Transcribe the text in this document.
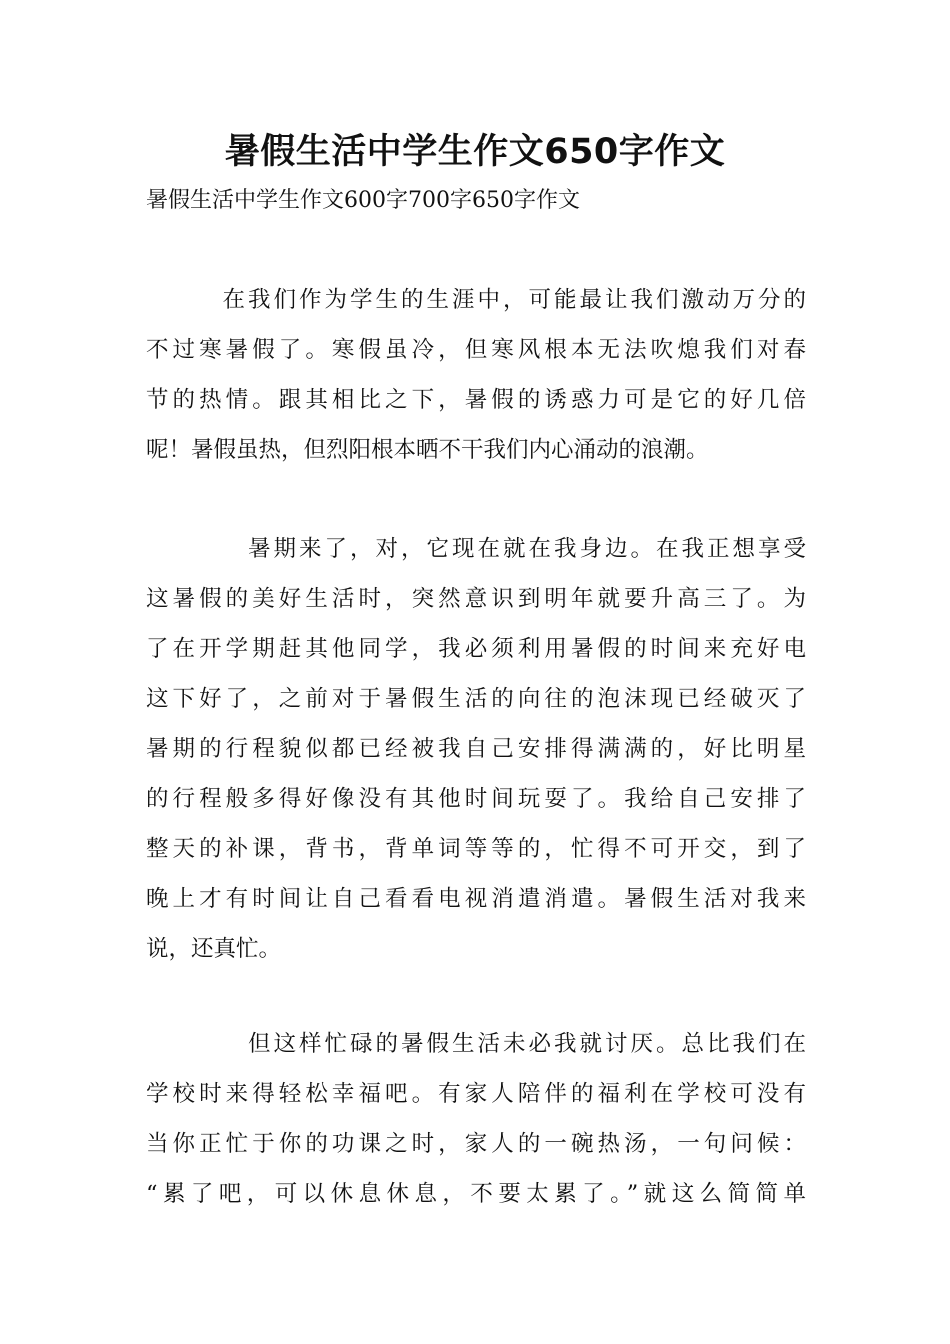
暑假生活中学生作文650字作文

暑假生活中学生作文600字700字650字作文

　　　在我们作为学生的生涯中，可能最让我们激动万分的
不过寒暑假了。寒假虽冷，但寒风根本无法吹熄我们对春
节的热情。跟其相比之下，暑假的诱惑力可是它的好几倍
呢！暑假虽热，但烈阳根本晒不干我们内心涌动的浪潮。
　　　　暑期来了，对，它现在就在我身边。在我正想享受
这暑假的美好生活时，突然意识到明年就要升高三了。为
了在开学期赶其他同学，我必须利用暑假的时间来充好电
这下好了，之前对于暑假生活的向往的泡沫现已经破灭了
暑期的行程貌似都已经被我自己安排得满满的，好比明星
的行程般多得好像没有其他时间玩耍了。我给自己安排了
整天的补课，背书，背单词等等的，忙得不可开交，到了
晚上才有时间让自己看看电视消遣消遣。暑假生活对我来
说，还真忙。
　　　　但这样忙碌的暑假生活未必我就讨厌。总比我们在
学校时来得轻松幸福吧。有家人陪伴的福利在学校可没有
当你正忙于你的功课之时，家人的一碗热汤，一句问候：
“累了吧，可以休息休息，不要太累了。”就这么简简单
